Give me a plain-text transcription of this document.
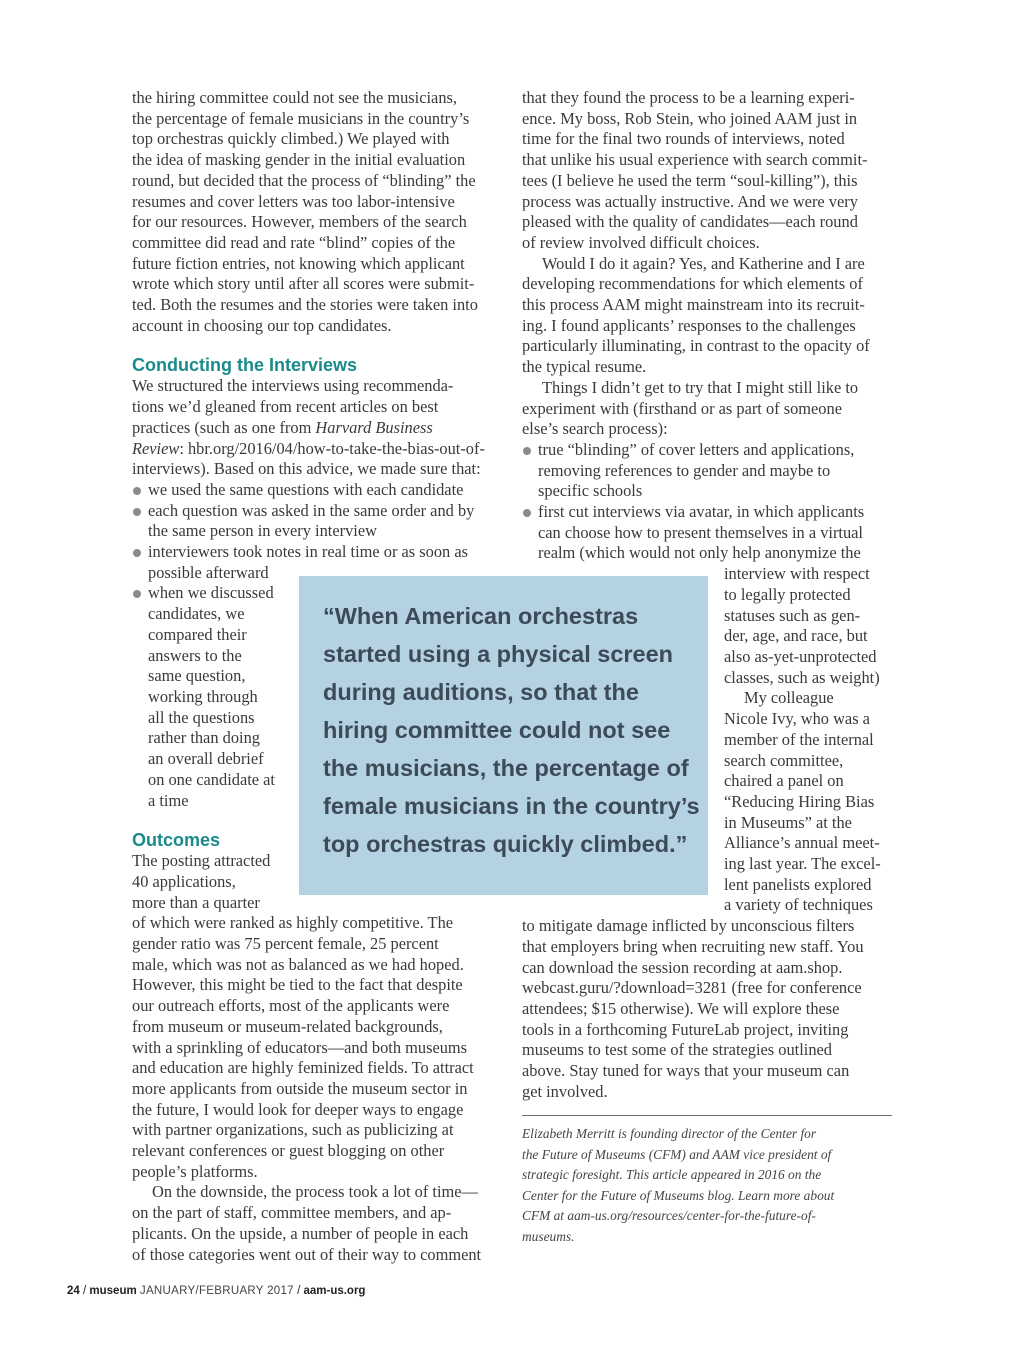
the hiring committee could not see the musicians,
the percentage of female musicians in the country’s
top orchestras quickly climbed.) We played with
the idea of masking gender in the initial evaluation
round, but decided that the process of “blinding” the
resumes and cover letters was too labor-intensive
for our resources. However, members of the search
committee did read and rate “blind” copies of the
future fiction entries, not knowing which applicant
wrote which story until after all scores were submit-
ted. Both the resumes and the stories were taken into
account in choosing our top candidates.

Conducting the Interviews

We structured the interviews using recommenda-
tions we’d gleaned from recent articles on best
practices (such as one from Harvard Business
Review: hbr.org/2016/04/how-to-take-the-bias-out-of-
interviews). Based on this advice, we made sure that:

we used the same questions with each candidate
each question was asked in the same order and by
the same person in every interview
interviewers took notes in real time or as soon as
possible afterward
when we discussed
candidates, we
compared their
answers to the
same question,
working through
all the questions
rather than doing
an overall debrief
on one candidate at
a time
Outcomes

The posting attracted
40 applications,
more than a quarter
of which were ranked as highly competitive. The
gender ratio was 75 percent female, 25 percent
male, which was not as balanced as we had hoped.
However, this might be tied to the fact that despite
our outreach efforts, most of the applicants were
from museum or museum-related backgrounds,
with a sprinkling of educators—and both museums
and education are highly feminized fields. To attract
more applicants from outside the museum sector in
the future, I would look for deeper ways to engage
with partner organizations, such as publicizing at
relevant conferences or guest blogging on other
people’s platforms.

On the downside, the process took a lot of time—
on the part of staff, committee members, and ap-
plicants. On the upside, a number of people in each
of those categories went out of their way to comment

that they found the process to be a learning experi-
ence. My boss, Rob Stein, who joined AAM just in
time for the final two rounds of interviews, noted
that unlike his usual experience with search commit-
tees (I believe he used the term “soul-killing”), this
process was actually instructive. And we were very
pleased with the quality of candidates—each round
of review involved difficult choices.

Would I do it again? Yes, and Katherine and I are
developing recommendations for which elements of
this process AAM might mainstream into its recruit-
ing. I found applicants’ responses to the challenges
particularly illuminating, in contrast to the opacity of
the typical resume.

Things I didn’t get to try that I might still like to
experiment with (firsthand or as part of someone
else’s search process):

true “blinding” of cover letters and applications,
removing references to gender and maybe to
specific schools
first cut interviews via avatar, in which applicants
can choose how to present themselves in a virtual
realm (which would not only help anonymize the
interview with respect
to legally protected
statuses such as gen-
der, age, and race, but
also as-yet-unprotected
classes, such as weight)
My colleague
Nicole Ivy, who was a
member of the internal
search committee,
chaired a panel on
“Reducing Hiring Bias
in Museums” at the
Alliance’s annual meet-
ing last year. The excel-
lent panelists explored
a variety of techniques

to mitigate damage inflicted by unconscious filters
that employers bring when recruiting new staff. You
can download the session recording at aam.shop.
webcast.guru/?download=3281 (free for conference
attendees; $15 otherwise). We will explore these
tools in a forthcoming FutureLab project, inviting
museums to test some of the strategies outlined
above. Stay tuned for ways that your museum can
get involved.

“When American orchestras
started using a physical screen
during auditions, so that the
hiring committee could not see
the musicians, the percentage of
female musicians in the country’s
top orchestras quickly climbed.”
Elizabeth Merritt is founding director of the Center for
the Future of Museums (CFM) and AAM vice president of
strategic foresight. This article appeared in 2016 on the
Center for the Future of Museums blog. Learn more about
CFM at aam-us.org/resources/center-for-the-future-of-
museums.
24 / museum JANUARY/FEBRUARY 2017 / aam-us.org
